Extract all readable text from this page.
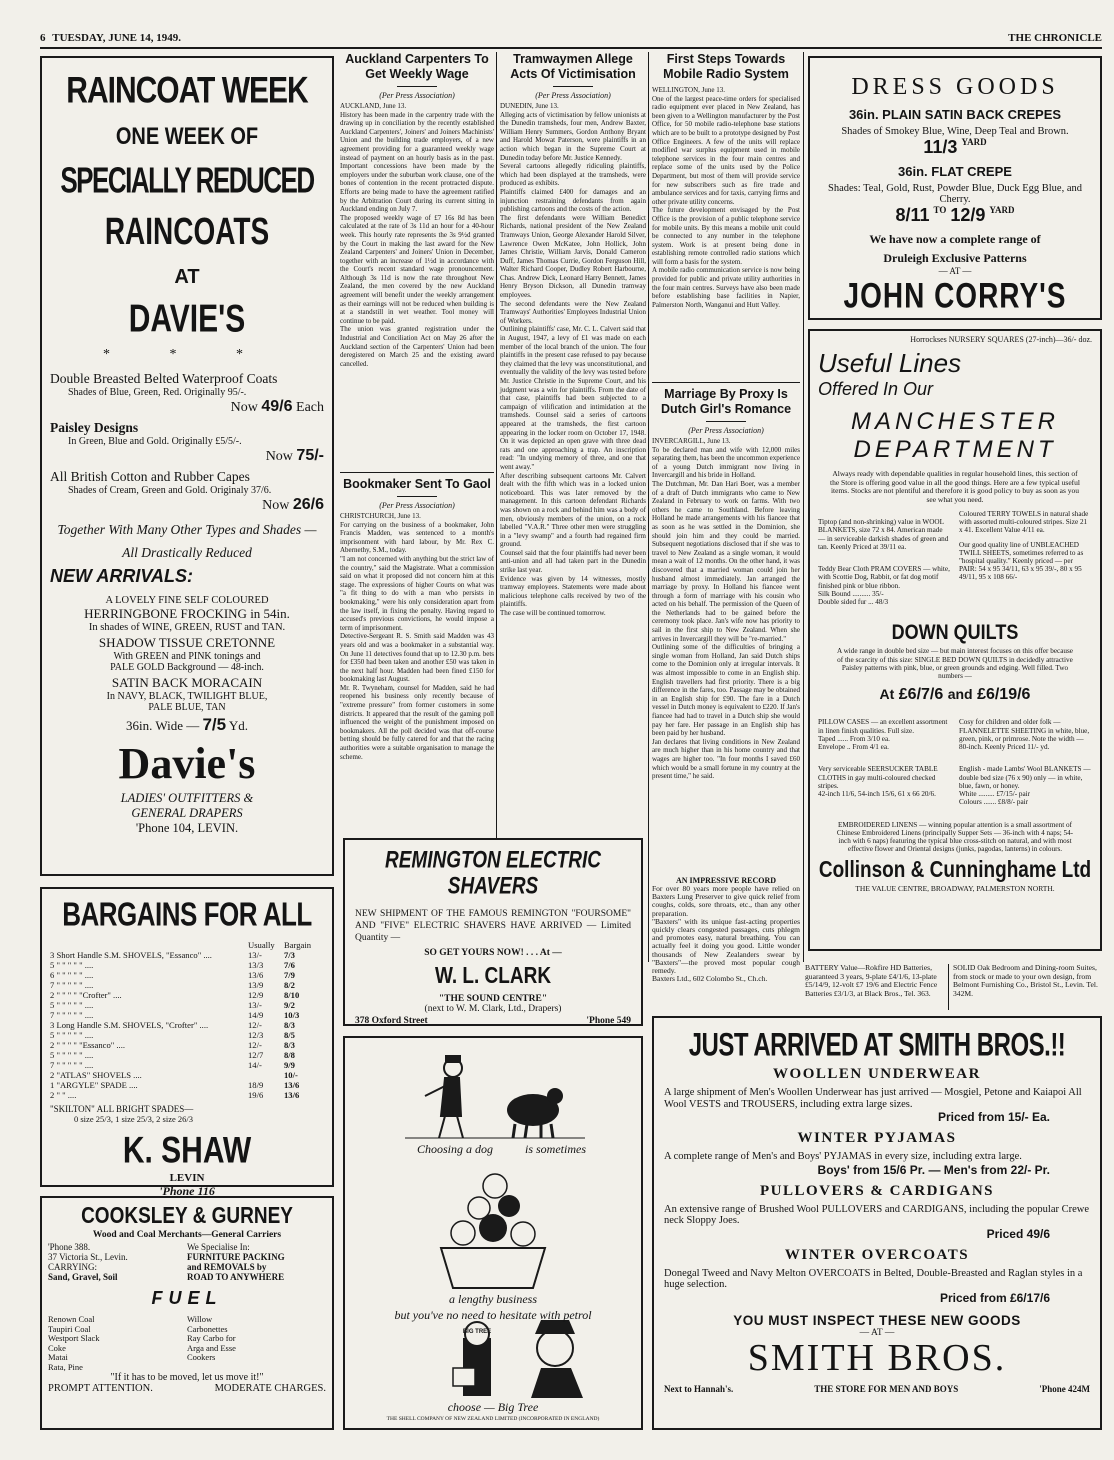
6 TUESDAY, JUNE 14, 1949.	THE CHRONICLE
RAINCOAT WEEK
ONE WEEK OF
SPECIALLY REDUCED
RAINCOATS
AT
DAVIE'S
* * *
Double Breasted Belted Waterproof Coats
Shades of Blue, Green, Red. Originally 95/-.
Now 49/6 Each
Paisley Designs
In Green, Blue and Gold. Originally £5/5/-.
Now 75/-
All British Cotton and Rubber Capes
Shades of Cream, Green and Gold. Originaly 37/6.
Now 26/6
Together With Many Other Types and Shades — All Drastically Reduced
NEW ARRIVALS:
A LOVELY FINE SELF COLOURED
HERRINGBONE FROCKING in 54in.
In shades of WINE, GREEN, RUST and TAN.
SHADOW TISSUE CRETONNE
With GREEN and PINK tonings and
PALE GOLD Background — 48-inch.
SATIN BACK MORACAIN
In NAVY, BLACK, TWILIGHT BLUE,
PALE BLUE, TAN
36in. Wide — 7/5 Yd.
Davie's
LADIES' OUTFITTERS &
GENERAL DRAPERS
'Phone 104, LEVIN.
BARGAINS FOR ALL
	Usually	Bargain
3 Short Handle S.M. SHOVELS, "Essanco" ....	13/-	7/3
5 " " " " " ....	13/3	7/6
6 " " " " " ....	13/6	7/9
7 " " " " " ....	13/9	8/2
2 " " " " "Crofter" ....	12/9	8/10
5 " " " " " ....	13/-	9/2
7 " " " " " ....	14/9	10/3
3 Long Handle S.M. SHOVELS, "Crofter" ....	12/-	8/3
5 " " " " " ....	12/3	8/5
2 " " " " "Essanco" ....	12/-	8/3
5 " " " " " ....	12/7	8/8
7 " " " " " ....	14/-	9/9
2 "ATLAS" SHOVELS ....		10/-
1 "ARGYLE" SPADE ....	18/9	13/6
2 " " ....	19/6	13/6
"SKILTON" ALL BRIGHT SPADES—
0 size 25/3, 1 size 25/3, 2 size 26/3
K. SHAW
LEVIN
'Phone 116
COOKSLEY & GURNEY
Wood and Coal Merchants—General Carriers
'Phone 388.
37 Victoria St., Levin.
CARRYING:
Sand, Gravel, Soil
We Specialise In:
FURNITURE PACKING
and REMOVALS by
ROAD TO ANYWHERE
FUEL
Renown Coal
Taupiri Coal
Westport Slack
Coke
Matai
Rata, Pine
Willow
Carbonettes
Ray Carbo for
Arga and Esse
Cookers
"If it has to be moved, let us move it!"
PROMPT ATTENTION.	MODERATE CHARGES.
Auckland Carpenters To Get Weekly Wage
(Per Press Association)
AUCKLAND, June 13.
History has been made in the carpentry trade with the drawing up in conciliation by the recently established Auckland Carpenters', Joiners' and Joiners Machinists' Union and the building trade employers, of a new agreement providing for a guaranteed weekly wage instead of payment on an hourly basis as in the past. Important concessions have been made by the employers under the suburban work clause, one of the bones of contention in the recent protracted dispute. Efforts are being made to have the agreement ratified by the Arbitration Court during its current sitting in Auckland ending on July 7.
The proposed weekly wage of £7 16s 8d has been calculated at the rate of 3s 11d an hour for a 40-hour week. This hourly rate represents the 3s 9½d granted by the Court in making the last award for the New Zealand Carpenters' and Joiners' Union in December, together with an increase of 1½d in accordance with the Court's recent standard wage pronouncement. Although 3s 11d is now the rate throughout New Zealand, the men covered by the new Auckland agreement will benefit under the weekly arrangement as their earnings will not be reduced when building is at a standstill in wet weather. Tool money will continue to be paid.
The union was granted registration under the Industrial and Conciliation Act on May 26 after the Auckland section of the Carpenters' Union had been deregistered on March 25 and the existing award cancelled.
Bookmaker Sent To Gaol
(Per Press Association)
CHRISTCHURCH, June 13.
For carrying on the business of a bookmaker, John Francis Madden, was sentenced to a month's imprisonment with hard labour, by Mr. Rex C. Abernethy, S.M., today.
"I am not concerned with anything but the strict law of the country," said the Magistrate. What a commission said on what it proposed did not concern him at this stage. The expressions of higher Courts on what was "a fit thing to do with a man who persists in bookmaking," were his only consideration apart from the law itself, in fixing the penalty. Having regard to accused's previous convictions, he would impose a term of imprisonment.
Detective-Sergeant R. S. Smith said Madden was 43 years old and was a bookmaker in a substantial way. On June 11 detectives found that up to 12.30 p.m. bets for £350 had been taken and another £50 was taken in the next half hour. Madden had been fined £150 for bookmaking last August.
Mr. R. Twyneham, counsel for Madden, said he had reopened his business only recently because of "extreme pressure" from former customers in some districts. It appeared that the result of the gaming poll influenced the weight of the punishment imposed on bookmakers. All the poll decided was that off-course betting should be fully catered for and that the racing authorities were a suitable organisation to manage the scheme.
Tramwaymen Allege Acts Of Victimisation
(Per Press Association)
DUNEDIN, June 13.
Alleging acts of victimisation by fellow unionists at the Dunedin tramsheds, four men, Andrew Baxter, William Henry Summers, Gordon Anthony Bryant and Harold Mowat Paterson, were plaintiffs in an action which began in the Supreme Court at Dunedin today before Mr. Justice Kennedy.
Several cartoons allegedly ridiculing plaintiffs, which had been displayed at the tramsheds, were produced as exhibits.
Plaintiffs claimed £400 for damages and an injunction restraining defendants from again publishing cartoons and the costs of the action.
The first defendants were William Benedict Richards, national president of the New Zealand Tramways Union, George Alexander Harold Silver, Lawrence Owen McKatee, John Hollick, John James Christie, William Jarvis, Donald Cameron Duff, James Thomas Currie, Gordon Ferguson Hill, Walter Richard Cooper, Dudley Robert Harbourne, Chas. Andrew Dick, Leonard Harry Bennett, James Henry Bryson Dickson, all Dunedin tramway employees.
The second defendants were the New Zealand Tramways' Authorities' Employees Industrial Union of Workers.
Outlining plaintiffs' case, Mr. C. L. Calvert said that in August, 1947, a levy of £1 was made on each member of the local branch of the union. The four plaintiffs in the present case refused to pay because they claimed that the levy was unconstitutional, and eventually the validity of the levy was tested before Mr. Justice Christie in the Supreme Court, and his judgment was a win for plaintiffs. From the date of that case, plaintiffs had been subjected to a campaign of vilification and intimidation at the tramsheds. Counsel said a series of cartoons appeared at the tramsheds, the first cartoon appearing in the locker room on October 17, 1948. On it was depicted an open grave with three dead rats and one approaching a trap. An inscription read: "In undying memory of three, and one that went away."
After describing subsequent cartoons Mr. Calvert dealt with the fifth which was in a locked union noticeboard. This was later removed by the management. In this cartoon defendant Richards was shown on a rock and behind him was a body of men, obviously members of the union, on a rock labelled "V.A.R." Three other men were struggling in a "levy swamp" and a fourth had regained firm ground.
Counsel said that the four plaintiffs had never been anti-union and all had taken part in the Dunedin strike last year.
Evidence was given by 14 witnesses, mostly tramway employees. Statements were made about malicious telephone calls received by two of the plaintiffs.
The case will be continued tomorrow.
REMINGTON ELECTRIC
SHAVERS
NEW SHIPMENT OF THE FAMOUS REMINGTON "FOURSOME" AND "FIVE" ELECTRIC SHAVERS HAVE ARRIVED — Limited Quantity —
SO GET YOURS NOW! . . . At —
W. L. CLARK
"THE SOUND CENTRE"
(next to W. M. Clark, Ltd., Drapers)
378 Oxford Street	'Phone 549
Choosing a dog	is sometimes
a lengthy business
but you've no need to hesitate with petrol
BIG TREE
choose — Big Tree
THE SHELL COMPANY OF NEW ZEALAND LIMITED (INCORPORATED IN ENGLAND)
First Steps Towards Mobile Radio System
WELLINGTON, June 13.
One of the largest peace-time orders for specialised radio equipment ever placed in New Zealand, has been given to a Wellington manufacturer by the Post Office, for 50 mobile radio-telephone base stations which are to be built to a prototype designed by Post Office Engineers. A few of the units will replace modified war surplus equipment used in mobile telephone services in the four main centres and replace some of the units used by the Police Department, but most of them will provide service for new subscribers such as fire trade and ambulance services and for taxis, carrying firms and other private utility concerns.
The future development envisaged by the Post Office is the provision of a public telephone service for mobile units. By this means a mobile unit could be connected to any number in the telephone system. Work is at present being done in establishing remote controlled radio stations which will form a basis for the system.
A mobile radio communication service is now being provided for public and private utility authorities in the four main centres. Surveys have also been made before establishing base facilities in Napier, Palmerston North, Wanganui and Hutt Valley.
Marriage By Proxy Is Dutch Girl's Romance
(Per Press Association)
INVERCARGILL, June 13.
To be declared man and wife with 12,000 miles separating them, has been the uncommon experience of a young Dutch immigrant now living in Invercargill and his bride in Holland.
The Dutchman, Mr. Dan Hari Boer, was a member of a draft of Dutch immigrants who came to New Zealand in February to work on farms. With two others he came to Southland. Before leaving Holland he made arrangements with his fiancee that as soon as he was settled in the Dominion, she should join him and they could be married. Subsequent negotiations disclosed that if she was to travel to New Zealand as a single woman, it would mean a wait of 12 months. On the other hand, it was discovered that a married woman could join her husband almost immediately. Jan arranged the marriage by proxy. In Holland his fiancee went through a form of marriage with his cousin who acted on his behalf. The permission of the Queen of the Netherlands had to be gained before the ceremony took place. Jan's wife now has priority to sail in the first ship to New Zealand. When she arrives in Invercargill they will be "re-married."
Outlining some of the difficulties of bringing a single woman from Holland, Jan said Dutch ships come to the Dominion only at irregular intervals. It was almost impossible to come in an English ship. English travellers had first priority. There is a big difference in the fares, too. Passage may be obtained in an English ship for £90. The fare in a Dutch vessel in Dutch money is equivalent to £220. If Jan's fiancee had had to travel in a Dutch ship she would pay her fare. Her passage in an English ship has been paid by her husband.
Jan declares that living conditions in New Zealand are much higher than in his home country and that wages are higher too. "In four months I saved £60 which would be a small fortune in my country at the present time," he said.
AN IMPRESSIVE RECORD
For over 80 years more people have relied on Baxters Lung Preserver to give quick relief from coughs, colds, sore throats, etc., than any other preparation.
"Baxters" with its unique fast-acting properties quickly clears congested passages, cuts phlegm and promotes easy, natural breathing. You can actually feel it doing you good. Little wonder thousands of New Zealanders swear by "Baxters"—the proved most popular cough remedy.
Baxters Ltd., 602 Colombo St., Ch.ch.
DRESS GOODS
36in. PLAIN SATIN BACK CREPES
Shades of Smokey Blue, Wine, Deep Teal and Brown.
11/3 $^{YARD}$
36in. FLAT CREPE
Shades: Teal, Gold, Rust, Powder Blue, Duck Egg Blue, and Cherry.
8/11 $^{TO}$ 12/9 $^{YARD}$
We have now a complete range of
Druleigh Exclusive Patterns
— AT —
JOHN CORRY'S
Horrockses NURSERY SQUARES (27-inch)—36/- doz.
Useful Lines
Offered In Our
MANCHESTER
DEPARTMENT
Always ready with dependable qualities in regular household lines, this section of the Store is offering good value in all the good things. Here are a few typical useful items. Stocks are not plentiful and therefore it is good policy to buy as soon as you see what you need.

Tiptop (and non-shrinking) value in WOOL BLANKETS, size 72 x 84. American made — in serviceable darkish shades of green and tan. Keenly Priced at 39/11 ea.

Teddy Bear Cloth PRAM COVERS — white, with Scottie Dog, Rabbit, or fat dog motif finished pink or blue ribbon.
Silk Bound .......... 35/-
Double sided fur ... 48/3

Coloured TERRY TOWELS in natural shade with assorted multi-coloured stripes. Size 21 x 41. Excellent Value 4/11 ea.
Our good quality line of UNBLEACHED TWILL SHEETS, sometimes referred to as "hospital quality." Keenly priced — per PAIR: 54 x 95 34/11, 63 x 95 39/-, 80 x 95 49/11, 95 x 108 66/-
DOWN QUILTS
A wide range in double bed size — but main interest focuses on this offer because of the scarcity of this size: SINGLE BED DOWN QUILTS in decidedly attractive Paisley patterns with pink, blue, or green grounds and edging. Well filled. Two numbers —
At £6/7/6 and £6/19/6

PILLOW CASES — an excellent assortment in linen finish qualities. Full size.
Taped ...... From 3/10 ea.
Envelope .. From 4/1 ea.

Very serviceable SEERSUCKER TABLE CLOTHS in gay multi-coloured checked stripes.
42-inch 11/6, 54-inch 15/6, 61 x 66 20/6.

Cosy for children and older folk — FLANNELETTE SHEETING in white, blue, green, pink, or primrose. Note the width — 80-inch. Keenly Priced 11/- yd.

English - made Lambs' Wool BLANKETS — double bed size (76 x 90) only — in white, blue, fawn, or honey.
White ......... £7/15/- pair
Colours ....... £8/8/- pair

EMBROIDERED LINENS — winning popular attention is a small assortment of Chinese Embroidered Linens (principally Supper Sets — 36-inch with 4 naps; 54-inch with 6 naps) featuring the typical blue cross-stitch on natural, and with most effective flower and Oriental designs (junks, pagodas, lanterns) in colours.
Collinson & Cunninghame Ltd
THE VALUE CENTRE, BROADWAY, PALMERSTON NORTH.
BATTERY Value—Rokfire HD Batteries, guaranteed 3 years, 9-plate £4/1/6, 13-plate £5/14/9, 12-volt £7 19/6 and Electric Fence Batteries £3/1/3, at Black Bros., Tel. 363.
SOLID Oak Bedroom and Dining-room Suites, from stock or made to your own design, from Belmont Furnishing Co., Bristol St., Levin. Tel. 342M.
JUST ARRIVED AT SMITH BROS.!!
WOOLLEN UNDERWEAR
A large shipment of Men's Woollen Underwear has just arrived — Mosgiel, Petone and Kaiapoi All Wool VESTS and TROUSERS, including extra large sizes.
Priced from 15/- Ea.
WINTER PYJAMAS
A complete range of Men's and Boys' PYJAMAS in every size, including extra large.
Boys' from 15/6 Pr. — Men's from 22/- Pr.
PULLOVERS & CARDIGANS
An extensive range of Brushed Wool PULLOVERS and CARDIGANS, including the popular Crewe neck Sloppy Joes.
Priced 49/6
WINTER OVERCOATS
Donegal Tweed and Navy Melton OVERCOATS in Belted, Double-Breasted and Raglan styles in a huge selection.
Priced from £6/17/6
YOU MUST INSPECT THESE NEW GOODS
— AT —
SMITH BROS.
Next to Hannah's.	THE STORE FOR MEN AND BOYS	'Phone 424M
